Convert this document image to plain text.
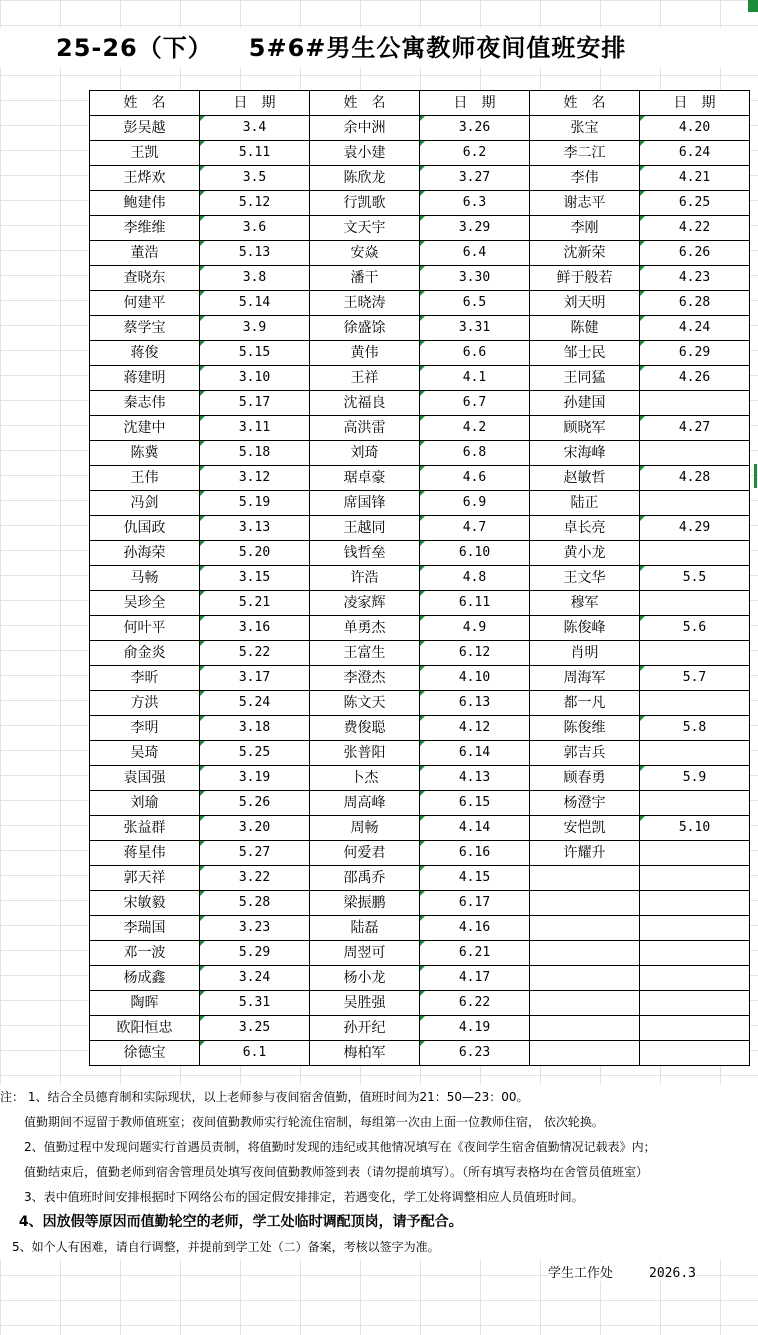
25-26（下） 5#6#男生公寓教师夜间值班安排
姓　名	日　期	姓　名	日　期	姓　名	日　期
彭吴越	3.4	余中洲	3.26	张宝	4.20
王凯	5.11	袁小建	6.2	李二江	6.24
王烨欢	3.5	陈欣龙	3.27	李伟	4.21
鲍建伟	5.12	行凯歌	6.3	谢志平	6.25
李维维	3.6	文天宇	3.29	李刚	4.22
董浩	5.13	安焱	6.4	沈新荣	6.26
查晓东	3.8	潘干	3.30	鲜于般若	4.23
何建平	5.14	王晓涛	6.5	刘天明	6.28
蔡学宝	3.9	徐盛馀	3.31	陈健	4.24
蒋俊	5.15	黄伟	6.6	邹士民	6.29
蒋建明	3.10	王祥	4.1	王同猛	4.26
秦志伟	5.17	沈福良	6.7	孙建国	
沈建中	3.11	高洪雷	4.2	顾晓军	4.27
陈冀	5.18	刘琦	6.8	宋海峰	
王伟	3.12	琚卓豪	4.6	赵敏哲	4.28
冯剑	5.19	席国锋	6.9	陆正	
仇国政	3.13	王越同	4.7	卓长亮	4.29
孙海荣	5.20	钱哲垒	6.10	黄小龙	
马畅	3.15	许浩	4.8	王文华	5.5
吴珍全	5.21	凌家辉	6.11	穆军	
何叶平	3.16	单勇杰	4.9	陈俊峰	5.6
俞金炎	5.22	王富生	6.12	肖明	
李昕	3.17	李澄杰	4.10	周海军	5.7
方洪	5.24	陈文天	6.13	都一凡	
李明	3.18	费俊聪	4.12	陈俊维	5.8
吴琦	5.25	张普阳	6.14	郭吉兵	
袁国强	3.19	卜杰	4.13	顾春勇	5.9
刘瑜	5.26	周高峰	6.15	杨澄宇	
张益群	3.20	周畅	4.14	安恺凯	5.10
蒋星伟	5.27	何爱君	6.16	许耀升	
郭天祥	3.22	邵禹乔	4.15		
宋敏毅	5.28	梁振鹏	6.17		
李瑞国	3.23	陆磊	4.16		
邓一波	5.29	周翌可	6.21		
杨成鑫	3.24	杨小龙	4.17		
陶晖	5.31	吴胜强	6.22		
欧阳恒忠	3.25	孙开纪	4.19		
徐德宝	6.1	梅柏军	6.23		
注： 1、结合全员德育制和实际现状，以上老师参与夜间宿舍值勤，值班时间为21：50—23：00。
　　值勤期间不逗留于教师值班室；夜间值勤教师实行轮流住宿制，每组第一次由上面一位教师住宿， 依次轮换。
　　2、值勤过程中发现问题实行首遇员责制，将值勤时发现的违纪或其他情况填写在《夜间学生宿舍值勤情况记载表》内；
　　值勤结束后，值勤老师到宿舍管理员处填写夜间值勤教师签到表（请勿提前填写）。（所有填写表格均在舍管员值班室）
　　3、表中值班时间安排根据时下网络公布的国定假安排排定，若遇变化，学工处将调整相应人员值班时间。
　 4、因放假等原因而值勤轮空的老师，学工处临时调配顶岗，请予配合。
　5、如个人有困难，请自行调整，并提前到学工处（二）备案，考核以签字为准。
学生工作处	2026.3
